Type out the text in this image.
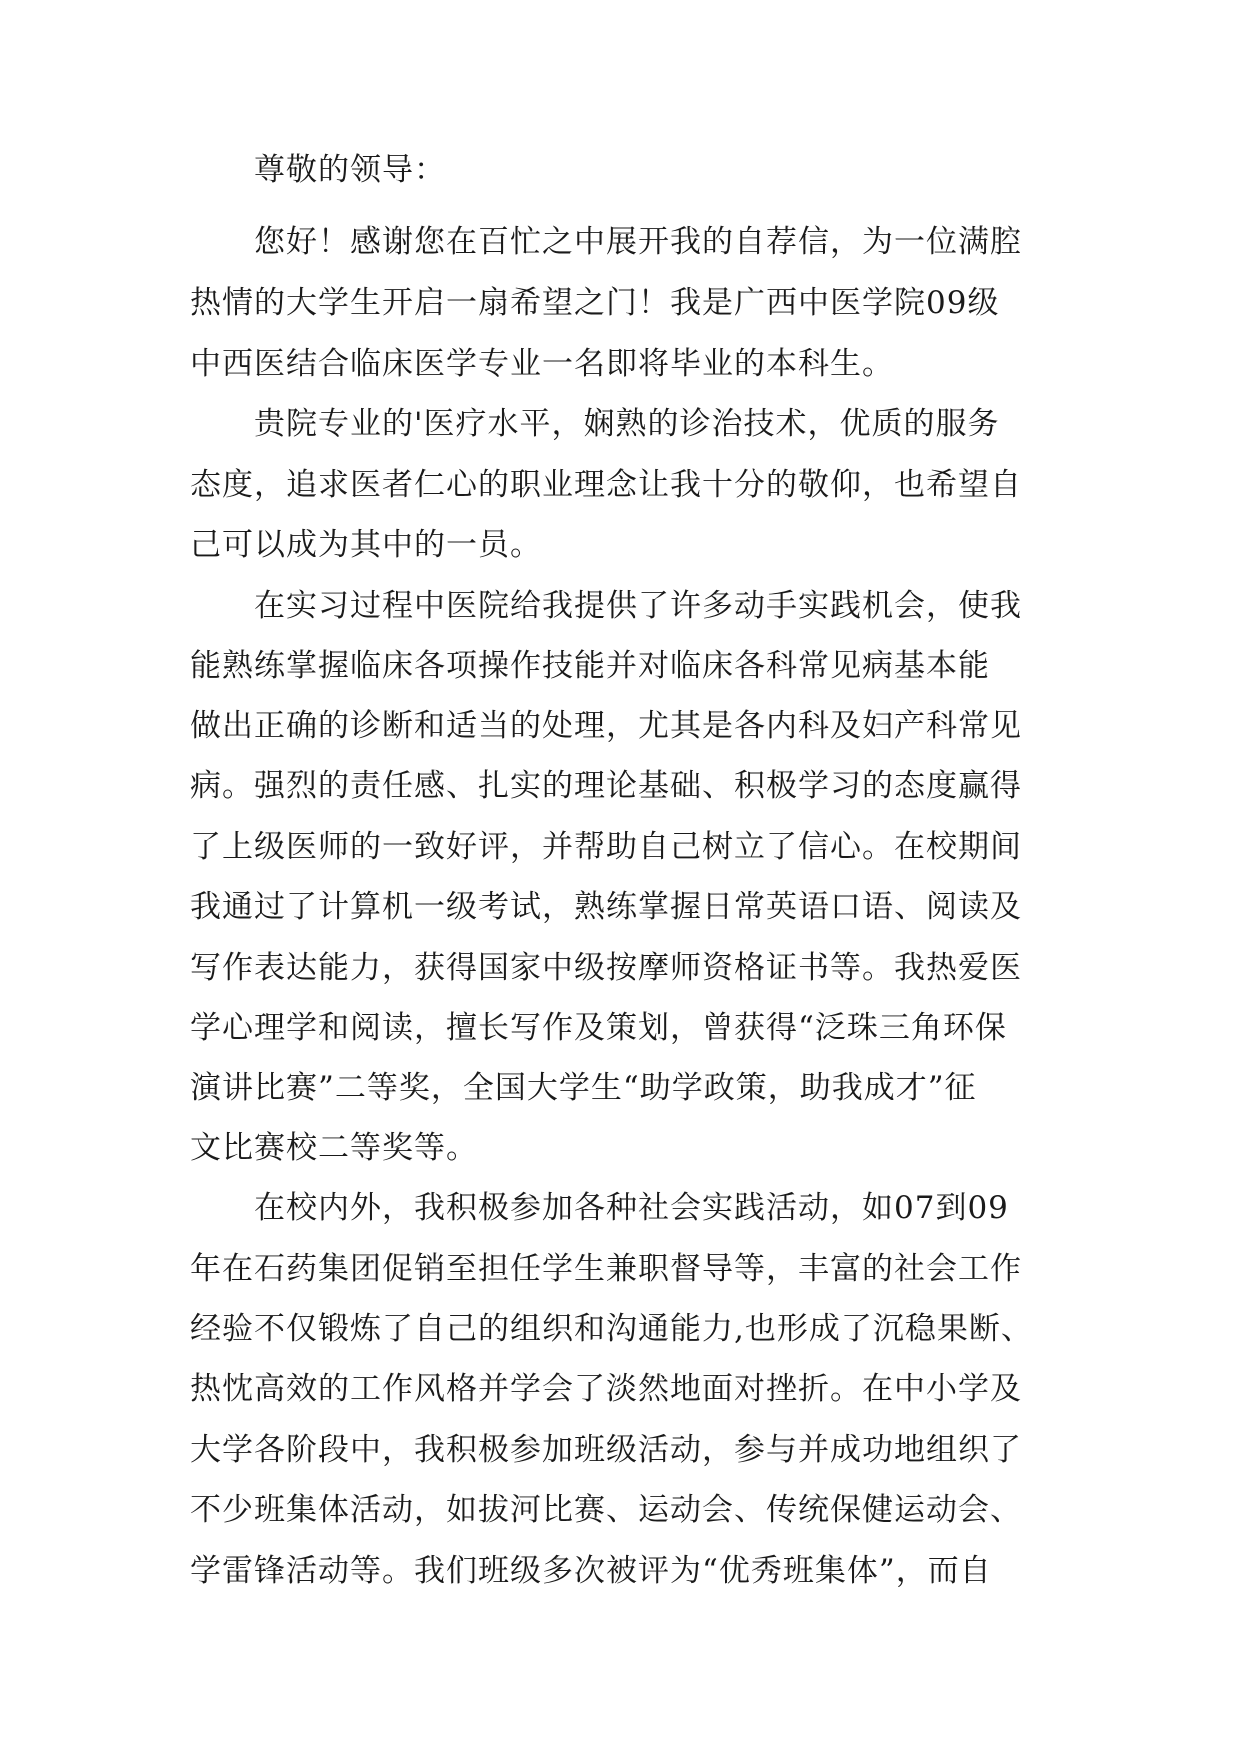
尊敬的领导：
您好！感谢您在百忙之中展开我的自荐信，为一位满腔
热情的大学生开启一扇希望之门！我是广西中医学院09级
中西医结合临床医学专业一名即将毕业的本科生。
贵院专业的'医疗水平，娴熟的诊治技术，优质的服务
态度，追求医者仁心的职业理念让我十分的敬仰，也希望自
己可以成为其中的一员。
在实习过程中医院给我提供了许多动手实践机会，使我
能熟练掌握临床各项操作技能并对临床各科常见病基本能
做出正确的诊断和适当的处理，尤其是各内科及妇产科常见
病。强烈的责任感、扎实的理论基础、积极学习的态度赢得
了上级医师的一致好评，并帮助自己树立了信心。在校期间
我通过了计算机一级考试，熟练掌握日常英语口语、阅读及
写作表达能力，获得国家中级按摩师资格证书等。我热爱医
学心理学和阅读，擅长写作及策划，曾获得“泛珠三角环保
演讲比赛”二等奖，全国大学生“助学政策，助我成才”征
文比赛校二等奖等。
在校内外，我积极参加各种社会实践活动，如07到09
年在石药集团促销至担任学生兼职督导等，丰富的社会工作
经验不仅锻炼了自己的组织和沟通能力,也形成了沉稳果断、
热忱高效的工作风格并学会了淡然地面对挫折。在中小学及
大学各阶段中，我积极参加班级活动，参与并成功地组织了
不少班集体活动，如拔河比赛、运动会、传统保健运动会、
学雷锋活动等。我们班级多次被评为“优秀班集体”，而自
